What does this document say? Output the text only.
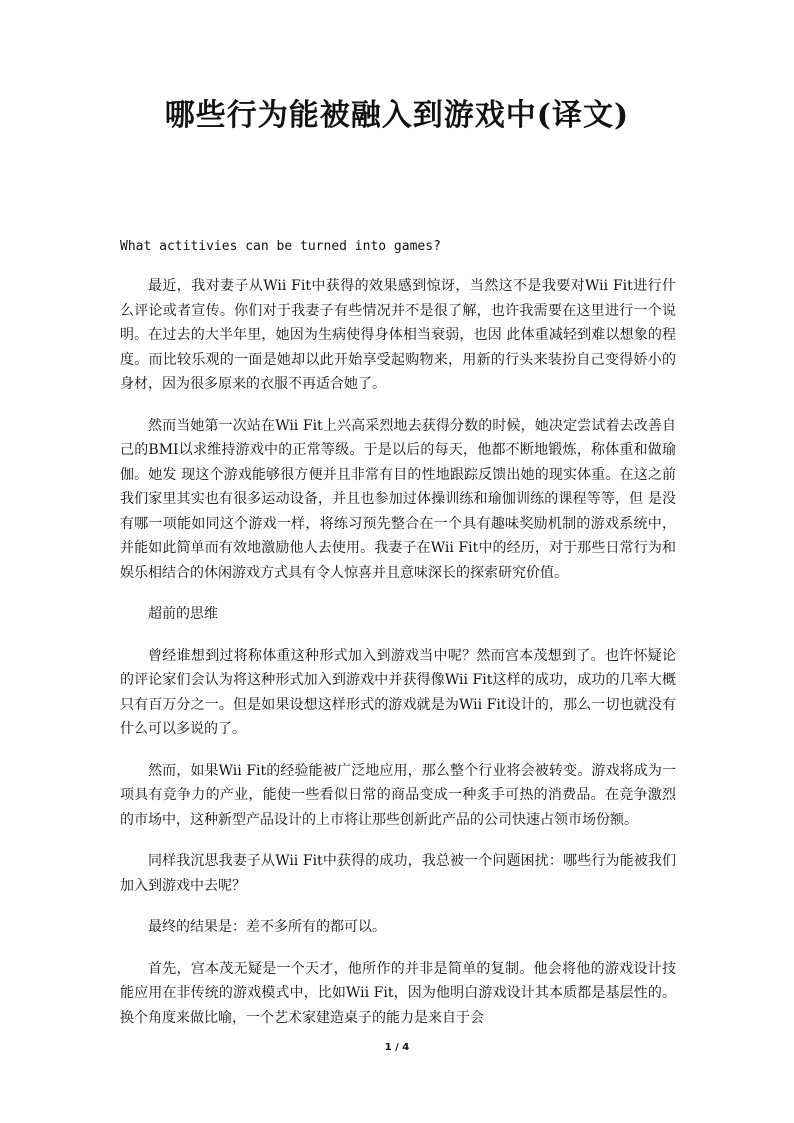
哪些行为能被融入到游戏中(译文)

What actitivies can be turned into games?

最近，我对妻子从Wii Fit中获得的效果感到惊讶，当然这不是我要对Wii Fit进行什么评论或者宣传。你们对于我妻子有些情况并不是很了解，也许我需要在这里进行一个说明。在过去的大半年里，她因为生病使得身体相当衰弱，也因 此体重减轻到难以想象的程度。而比较乐观的一面是她却以此开始享受起购物来，用新的行头来装扮自己变得娇小的身材，因为很多原来的衣服不再适合她了。

然而当她第一次站在Wii Fit上兴高采烈地去获得分数的时候，她决定尝试着去改善自己的BMI以求维持游戏中的正常等级。于是以后的每天，他都不断地锻炼，称体重和做瑜伽。她发 现这个游戏能够很方便并且非常有目的性地跟踪反馈出她的现实体重。在这之前我们家里其实也有很多运动设备，并且也参加过体操训练和瑜伽训练的课程等等，但 是没有哪一项能如同这个游戏一样，将练习预先整合在一个具有趣味奖励机制的游戏系统中，并能如此简单而有效地激励他人去使用。我妻子在Wii Fit中的经历，对于那些日常行为和娱乐相结合的休闲游戏方式具有令人惊喜并且意味深长的探索研究价值。

超前的思维

曾经谁想到过将称体重这种形式加入到游戏当中呢？然而宫本茂想到了。也许怀疑论的评论家们会认为将这种形式加入到游戏中并获得像Wii Fit这样的成功，成功的几率大概只有百万分之一。但是如果设想这样形式的游戏就是为Wii Fit设计的，那么一切也就没有什么可以多说的了。

然而，如果Wii Fit的经验能被广泛地应用，那么整个行业将会被转变。游戏将成为一项具有竞争力的产业，能使一些看似日常的商品变成一种炙手可热的消费品。在竞争激烈的市场中，这种新型产品设计的上市将让那些创新此产品的公司快速占领市场份额。

同样我沉思我妻子从Wii Fit中获得的成功，我总被一个问题困扰：哪些行为能被我们加入到游戏中去呢？

最终的结果是：差不多所有的都可以。

首先，宫本茂无疑是一个天才，他所作的并非是简单的复制。他会将他的游戏设计技能应用在非传统的游戏模式中，比如Wii Fit，因为他明白游戏设计其本质都是基层性的。换个角度来做比喻，一个艺术家建造桌子的能力是来自于会

1 / 4
